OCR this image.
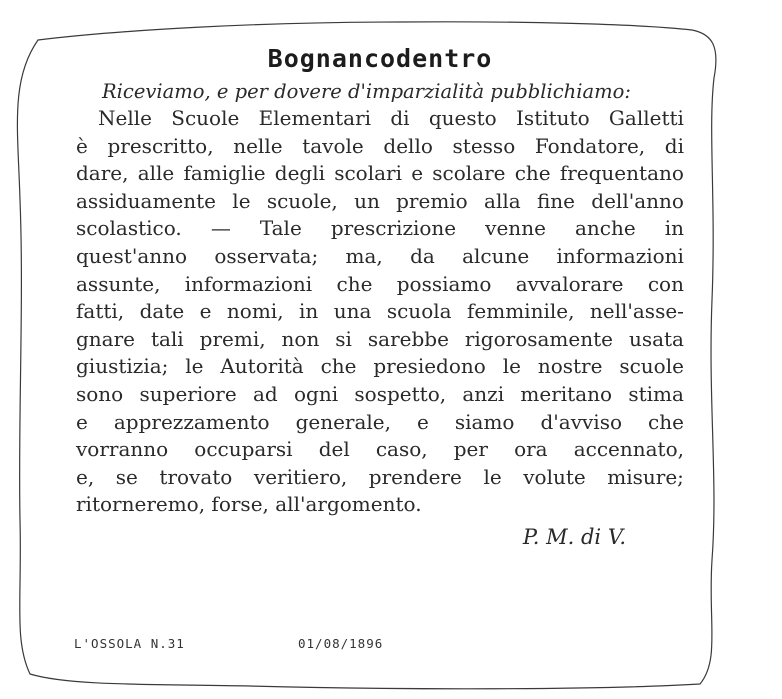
Bognancodentro

Riceviamo, e per dovere d'imparzialità pubblichiamo:

Nelle Scuole Elementari di questo Istituto Galletti

è prescritto, nelle tavole dello stesso Fondatore, di

dare, alle famiglie degli scolari e scolare che frequentano

assiduamente le scuole, un premio alla fine dell'anno

scolastico. — Tale prescrizione venne anche in

quest'anno osservata; ma, da alcune informazioni

assunte, informazioni che possiamo avvalorare con

fatti, date e nomi, in una scuola femminile, nell'asse-

gnare tali premi, non si sarebbe rigorosamente usata

giustizia; le Autorità che presiedono le nostre scuole

sono superiore ad ogni sospetto, anzi meritano stima

e apprezzamento generale, e siamo d'avviso che

vorranno occuparsi del caso, per ora accennato,

e, se trovato veritiero, prendere le volute misure;

ritorneremo, forse, all'argomento.

P. M. di V.
L'OSSOLA N.31	01/08/1896
